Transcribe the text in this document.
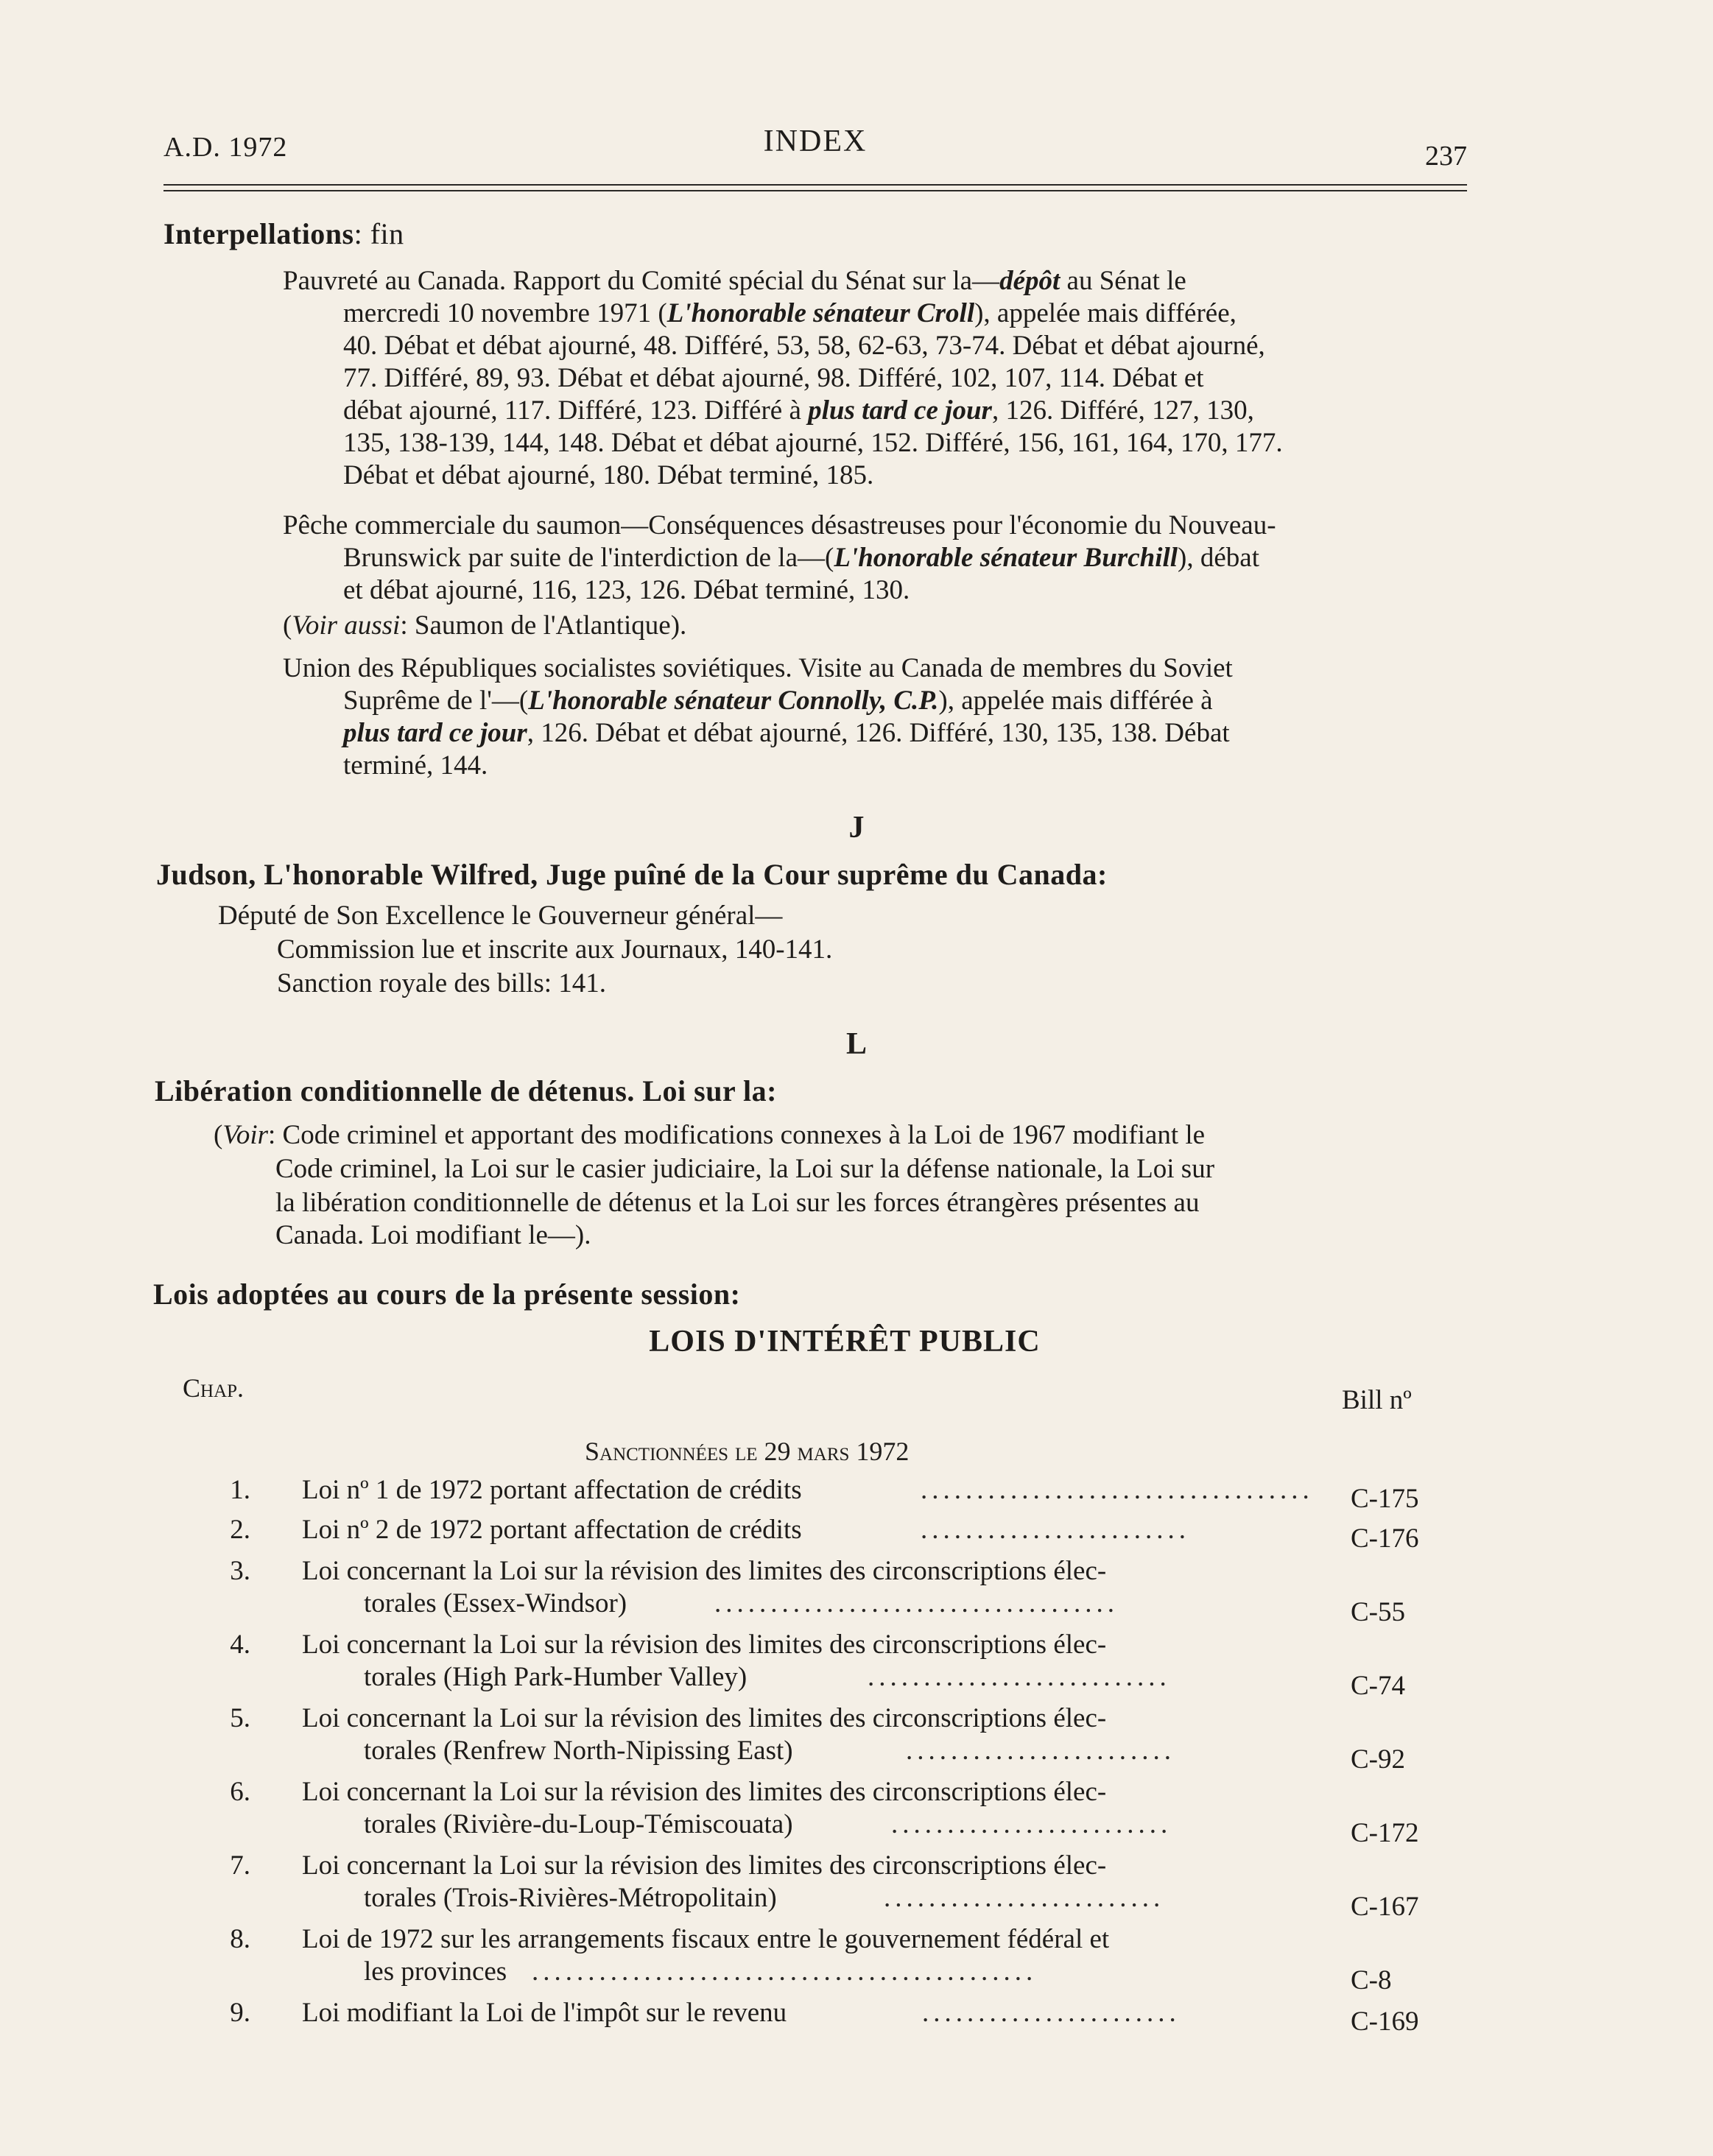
A.D. 1972	INDEX	237
Interpellations: fin
Pauvreté au Canada. Rapport du Comité spécial du Sénat sur la—dépôt au Sénat le
mercredi 10 novembre 1971 (L'honorable sénateur Croll), appelée mais différée,
40. Débat et débat ajourné, 48. Différé, 53, 58, 62-63, 73-74. Débat et débat ajourné,
77. Différé, 89, 93. Débat et débat ajourné, 98. Différé, 102, 107, 114. Débat et
débat ajourné, 117. Différé, 123. Différé à plus tard ce jour, 126. Différé, 127, 130,
135, 138-139, 144, 148. Débat et débat ajourné, 152. Différé, 156, 161, 164, 170, 177.
Débat et débat ajourné, 180. Débat terminé, 185.
Pêche commerciale du saumon—Conséquences désastreuses pour l'économie du Nouveau-
Brunswick par suite de l'interdiction de la—(L'honorable sénateur Burchill), débat
et débat ajourné, 116, 123, 126. Débat terminé, 130.
(Voir aussi: Saumon de l'Atlantique).
Union des Républiques socialistes soviétiques. Visite au Canada de membres du Soviet
Suprême de l'—(L'honorable sénateur Connolly, C.P.), appelée mais différée à
plus tard ce jour, 126. Débat et débat ajourné, 126. Différé, 130, 135, 138. Débat
terminé, 144.
J
Judson, L'honorable Wilfred, Juge puîné de la Cour suprême du Canada:
Député de Son Excellence le Gouverneur général—
Commission lue et inscrite aux Journaux, 140-141.
Sanction royale des bills: 141.
L
Libération conditionnelle de détenus. Loi sur la:
(Voir: Code criminel et apportant des modifications connexes à la Loi de 1967 modifiant le
Code criminel, la Loi sur le casier judiciaire, la Loi sur la défense nationale, la Loi sur
la libération conditionnelle de détenus et la Loi sur les forces étrangères présentes au
Canada. Loi modifiant le—).
Lois adoptées au cours de la présente session:
LOIS D'INTÉRÊT PUBLIC
Chap.	Bill nº
Sanctionnées le 29 mars 1972
1. Loi nº 1 de 1972 portant affectation de crédits	...................................	C-175
2. Loi nº 2 de 1972 portant affectation de crédits	........................	C-176
3. Loi concernant la Loi sur la révision des limites des circonscriptions élec-
torales (Essex-Windsor)	....................................	C-55
4. Loi concernant la Loi sur la révision des limites des circonscriptions élec-
torales (High Park-Humber Valley)	...........................	C-74
5. Loi concernant la Loi sur la révision des limites des circonscriptions élec-
torales (Renfrew North-Nipissing East)	........................	C-92
6. Loi concernant la Loi sur la révision des limites des circonscriptions élec-
torales (Rivière-du-Loup-Témiscouata)	.........................	C-172
7. Loi concernant la Loi sur la révision des limites des circonscriptions élec-
torales (Trois-Rivières-Métropolitain)	.........................	C-167
8. Loi de 1972 sur les arrangements fiscaux entre le gouvernement fédéral et
les provinces .............................................	C-8
9. Loi modifiant la Loi de l'impôt sur le revenu	.......................	C-169
